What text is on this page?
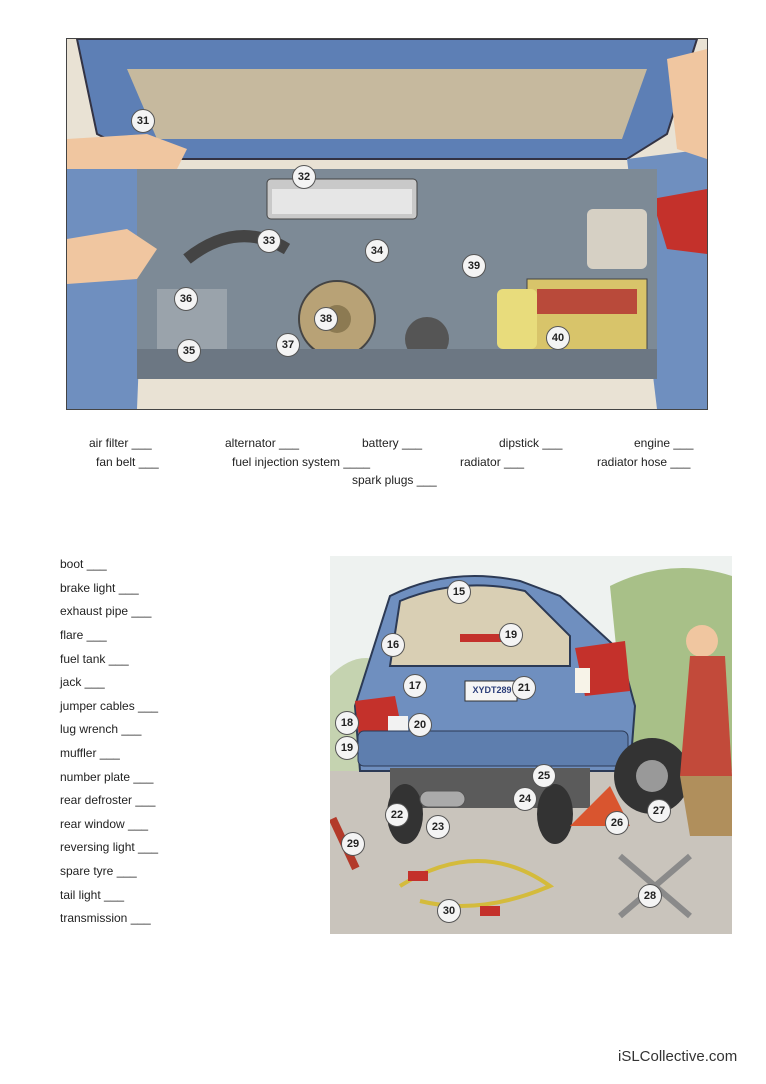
31
32
33
34
35
36
37
38
39
40
air filter ___	alternator ___	battery ___	dipstick ___	engine ___
fan belt ___	fuel injection system ____	radiator ___	radiator hose ___
spark plugs ___
boot ___
brake light ___
exhaust pipe ___
flare ___
fuel tank ___
jack ___
jumper cables ___
lug wrench ___
muffler ___
number plate ___
rear defroster ___
rear window ___
reversing light ___
spare tyre ___
tail light ___
transmission ___
XYDT289
15
16
17
18
19
19
20
21
22
23
24
25
26
27
28
29
30
iSLCollective.com
